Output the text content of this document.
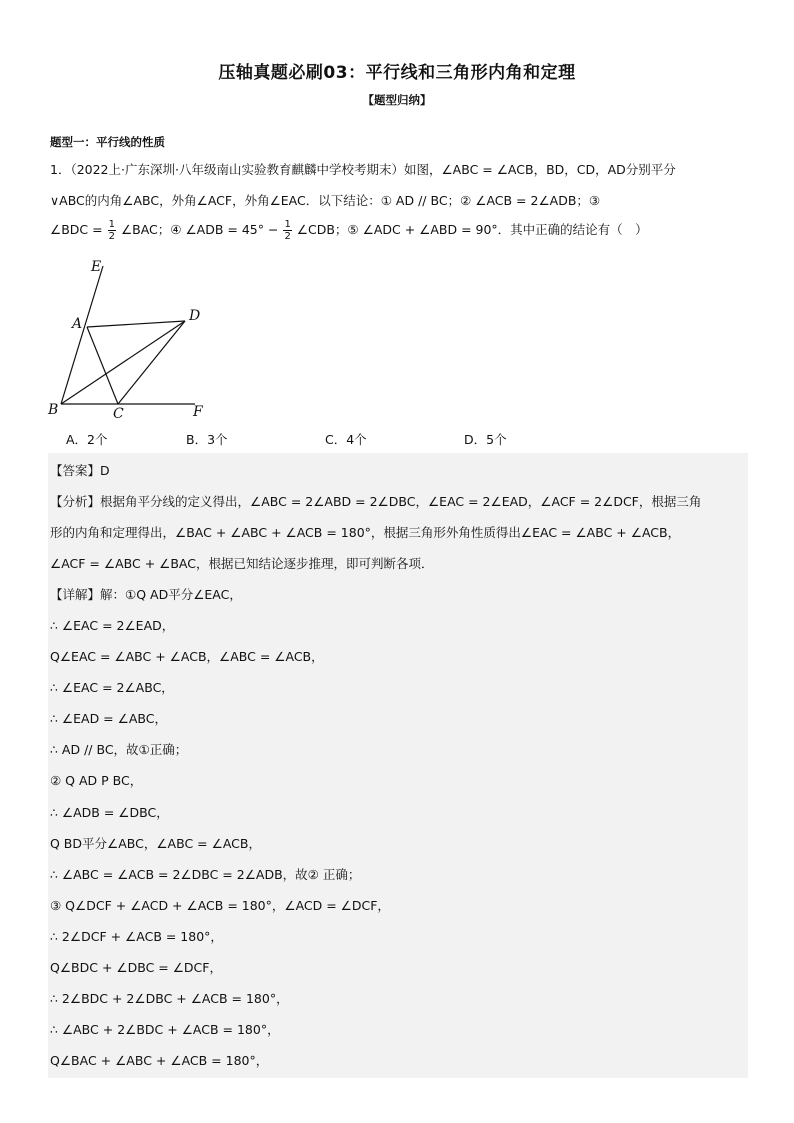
压轴真题必刷03：平行线和三角形内角和定理
【题型归纳】
题型一：平行线的性质
1．（2022上·广东深圳·八年级南山实验教育麒麟中学校考期末）如图，∠ABC = ∠ACB，BD，CD，AD分别平分
∨ABC的内角∠ABC，外角∠ACF，外角∠EAC．以下结论：① AD // BC；② ∠ACB = 2∠ADB；③
∠BDC = $\frac{1}{2}$ ∠BAC；④ ∠ADB = $45^\circ - \frac{1}{2}$ ∠CDB；⑤ ∠ADC + ∠ABD = 90°．其中正确的结论有（　）
E
A	D
B	C	F
A．2个	B．3个	C．4个	D．5个
【答案】D
【分析】根据角平分线的定义得出，∠ABC = 2∠ABD = 2∠DBC，∠EAC = 2∠EAD，∠ACF = 2∠DCF，根据三角
形的内角和定理得出，∠BAC + ∠ABC + ∠ACB = 180°，根据三角形外角性质得出∠EAC = ∠ABC + ∠ACB，
∠ACF = ∠ABC + ∠BAC，根据已知结论逐步推理，即可判断各项．
【详解】解：①Q AD平分∠EAC，
∴ ∠EAC = 2∠EAD，
Q∠EAC = ∠ABC + ∠ACB，∠ABC = ∠ACB，
∴ ∠EAC = 2∠ABC，
∴ ∠EAD = ∠ABC，
∴ AD // BC，故①正确；
② Q AD P BC，
∴ ∠ADB = ∠DBC，
Q BD平分∠ABC，∠ABC = ∠ACB，
∴ ∠ABC = ∠ACB = 2∠DBC = 2∠ADB，故② 正确；
③ Q∠DCF + ∠ACD + ∠ACB = 180°，∠ACD = ∠DCF，
∴ 2∠DCF + ∠ACB = 180°，
Q∠BDC + ∠DBC = ∠DCF，
∴ 2∠BDC + 2∠DBC + ∠ACB = 180°，
∴ ∠ABC + 2∠BDC + ∠ACB = 180°，
Q∠BAC + ∠ABC + ∠ACB = 180°，
